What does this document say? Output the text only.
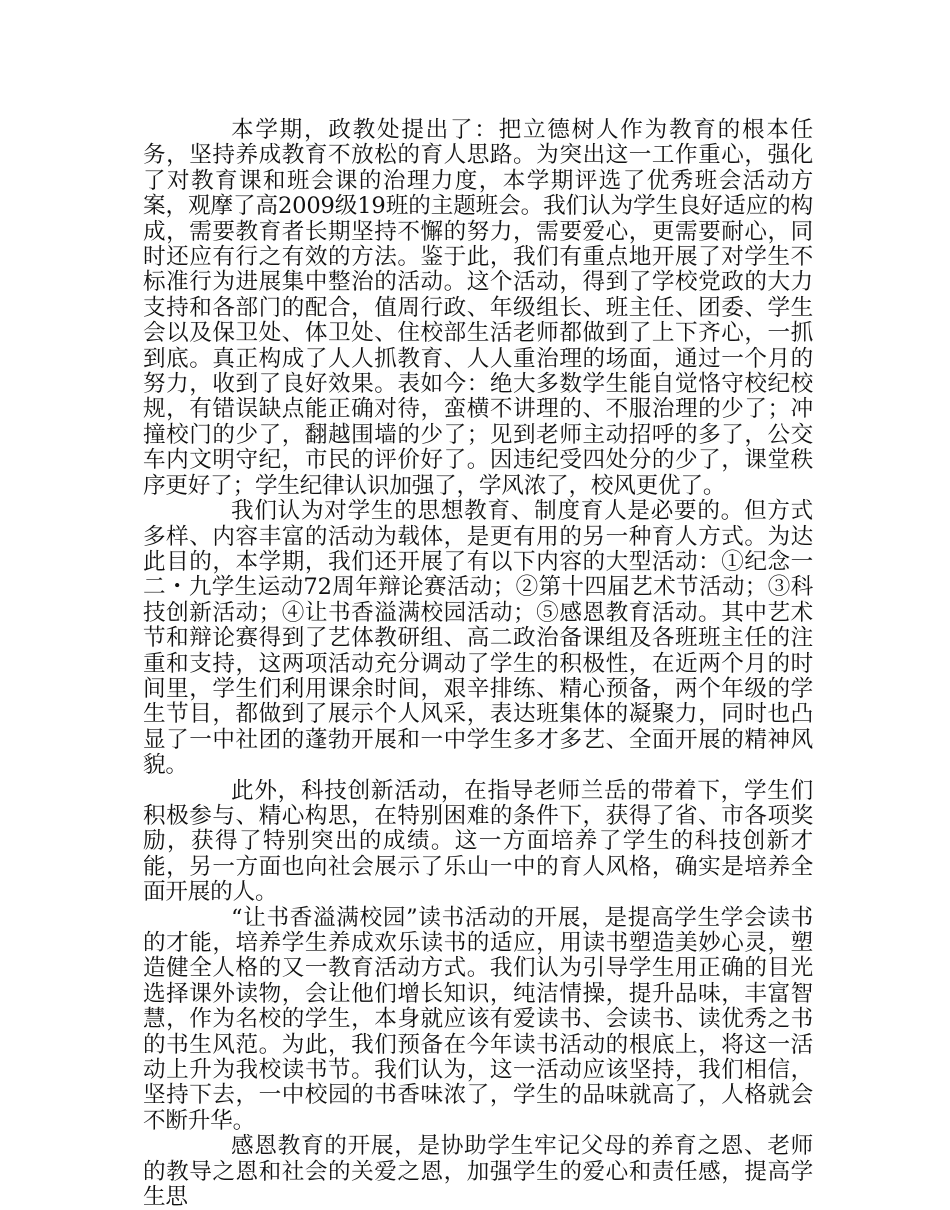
本学期，政教处提出了：把立德树人作为教育的根本任务，坚持养成教育不放松的育人思路。为突出这一工作重心，强化了对教育课和班会课的治理力度，本学期评选了优秀班会活动方案，观摩了高2009级19班的主题班会。我们认为学生良好适应的构成，需要教育者长期坚持不懈的努力，需要爱心，更需要耐心，同时还应有行之有效的方法。鉴于此，我们有重点地开展了对学生不标准行为进展集中整治的活动。这个活动，得到了学校党政的大力支持和各部门的配合，值周行政、年级组长、班主任、团委、学生会以及保卫处、体卫处、住校部生活老师都做到了上下齐心，一抓到底。真正构成了人人抓教育、人人重治理的场面，通过一个月的努力，收到了良好效果。表如今：绝大多数学生能自觉恪守校纪校规，有错误缺点能正确对待，蛮横不讲理的、不服治理的少了；冲撞校门的少了，翻越围墙的少了；见到老师主动招呼的多了，公交车内文明守纪，市民的评价好了。因违纪受四处分的少了，课堂秩序更好了；学生纪律认识加强了，学风浓了，校风更优了。

我们认为对学生的思想教育、制度育人是必要的。但方式多样、内容丰富的活动为载体，是更有用的另一种育人方式。为达此目的，本学期，我们还开展了有以下内容的大型活动：①纪念一二・九学生运动72周年辩论赛活动；②第十四届艺术节活动；③科技创新活动；④让书香溢满校园活动；⑤感恩教育活动。其中艺术节和辩论赛得到了艺体教研组、高二政治备课组及各班班主任的注重和支持，这两项活动充分调动了学生的积极性，在近两个月的时间里，学生们利用课余时间，艰辛排练、精心预备，两个年级的学生节目，都做到了展示个人风采，表达班集体的凝聚力，同时也凸显了一中社团的蓬勃开展和一中学生多才多艺、全面开展的精神风貌。

此外，科技创新活动，在指导老师兰岳的带着下，学生们积极参与、精心构思，在特别困难的条件下，获得了省、市各项奖励，获得了特别突出的成绩。这一方面培养了学生的科技创新才能，另一方面也向社会展示了乐山一中的育人风格，确实是培养全面开展的人。

“让书香溢满校园”读书活动的开展，是提高学生学会读书的才能，培养学生养成欢乐读书的适应，用读书塑造美妙心灵，塑造健全人格的又一教育活动方式。我们认为引导学生用正确的目光选择课外读物，会让他们增长知识，纯洁情操，提升品味，丰富智慧，作为名校的学生，本身就应该有爱读书、会读书、读优秀之书的书生风范。为此，我们预备在今年读书活动的根底上，将这一活动上升为我校读书节。我们认为，这一活动应该坚持，我们相信，坚持下去，一中校园的书香味浓了，学生的品味就高了，人格就会不断升华。

感恩教育的开展，是协助学生牢记父母的养育之恩、老师的教导之恩和社会的关爱之恩，加强学生的爱心和责任感，提高学生思
